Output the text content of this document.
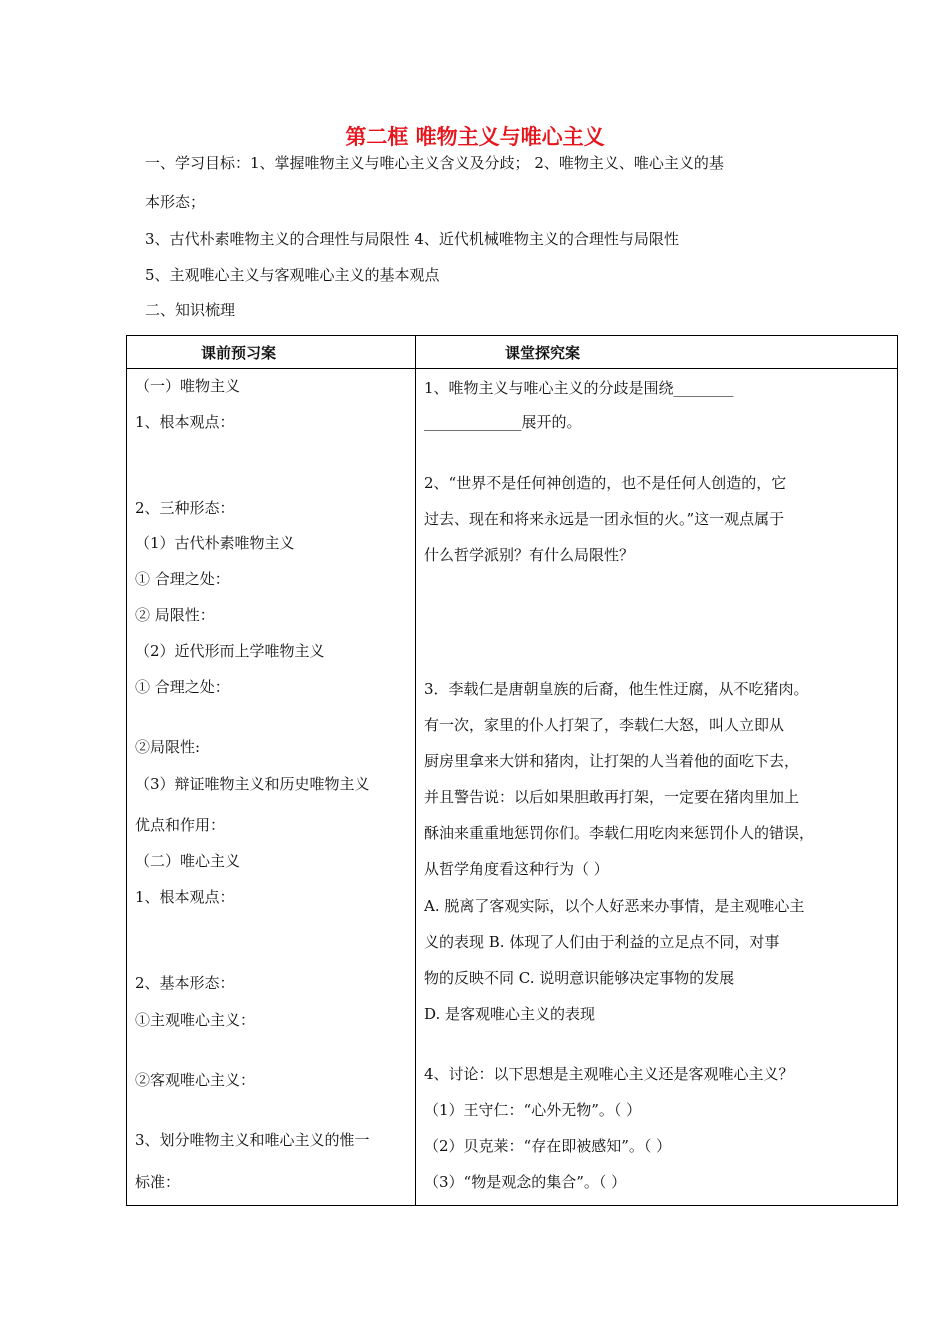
第二框 唯物主义与唯心主义
一、学习目标：1、掌握唯物主义与唯心主义含义及分歧； 2、唯物主义、唯心主义的基
本形态；
3、古代朴素唯物主义的合理性与局限性 4、近代机械唯物主义的合理性与局限性
5、主观唯心主义与客观唯心主义的基本观点
二、知识梳理
课前预习案	课堂探究案
（一）唯物主义
1、根本观点：
2、三种形态：
（1）古代朴素唯物主义
① 合理之处：
② 局限性：
（2）近代形而上学唯物主义
① 合理之处：
②局限性:
（3）辩证唯物主义和历史唯物主义
优点和作用：
（二）唯心主义
1、根本观点：
2、基本形态：
①主观唯心主义：
②客观唯心主义：
3、划分唯物主义和唯心主义的惟一
标准：
1、唯物主义与唯心主义的分歧是围绕________
_____________展开的。
2、“世界不是任何神创造的，也不是任何人创造的，它
过去、现在和将来永远是一团永恒的火。”这一观点属于
什么哲学派别？有什么局限性？
3．李载仁是唐朝皇族的后裔，他生性迂腐，从不吃猪肉。
有一次，家里的仆人打架了，李载仁大怒，叫人立即从
厨房里拿来大饼和猪肉，让打架的人当着他的面吃下去，
并且警告说：以后如果胆敢再打架，一定要在猪肉里加上
酥油来重重地惩罚你们。李载仁用吃肉来惩罚仆人的错误，
从哲学角度看这种行为（ ）
A. 脱离了客观实际，以个人好恶来办事情，是主观唯心主
义的表现 B. 体现了人们由于利益的立足点不同，对事
物的反映不同 C. 说明意识能够决定事物的发展
D. 是客观唯心主义的表现
4、讨论：以下思想是主观唯心主义还是客观唯心主义？
（1）王守仁：“心外无物”。（ ）
（2）贝克莱：“存在即被感知”。（ ）
（3）“物是观念的集合”。（ ）
